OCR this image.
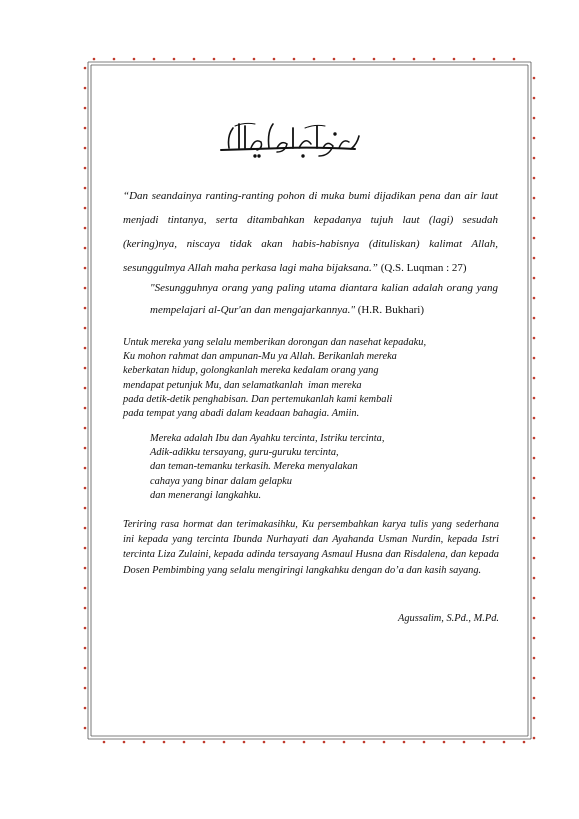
“Dan seandainya ranting-ranting pohon di muka bumi dijadikan pena dan air laut menjadi tintanya, serta ditambahkan kepadanya tujuh laut (lagi) sesudah (kering)nya, niscaya tidak akan habis-habisnya (dituliskan) kalimat Allah, sesunggulmya Allah maha perkasa lagi maha bijaksana.” (Q.S. Luqman : 27)
"Sesungguhnya orang yang paling utama diantara kalian adalah orang yang mempelajari al-Qur'an dan mengajarkannya." (H.R. Bukhari)
Untuk mereka yang selalu memberikan dorongan dan nasehat kepadaku,
Ku mohon rahmat dan ampunan-Mu ya Allah. Berikanlah mereka
keberkatan hidup, golongkanlah mereka kedalam orang yang
mendapat petunjuk Mu, dan selamatkanlah  iman mereka
pada detik-detik penghabisan. Dan pertemukanlah kami kembali
pada tempat yang abadi dalam keadaan bahagia. Amiin.
Mereka adalah Ibu dan Ayahku tercinta, Istriku tercinta,
Adik-adikku tersayang, guru-guruku tercinta,
dan teman-temanku terkasih. Mereka menyalakan
cahaya yang binar dalam gelapku
dan menerangi langkahku.
Teriring rasa hormat dan terimakasihku, Ku persembahkan karya tulis yang sederhana ini kepada yang tercinta Ibunda Nurhayati dan Ayahanda Usman Nurdin, kepada Istri tercinta Liza Zulaini, kepada adinda tersayang Asmaul Husna dan Risdalena, dan kepada Dosen Pembimbing yang selalu mengiringi langkahku dengan do’a dan kasih sayang.
Agussalim, S.Pd., M.Pd.
